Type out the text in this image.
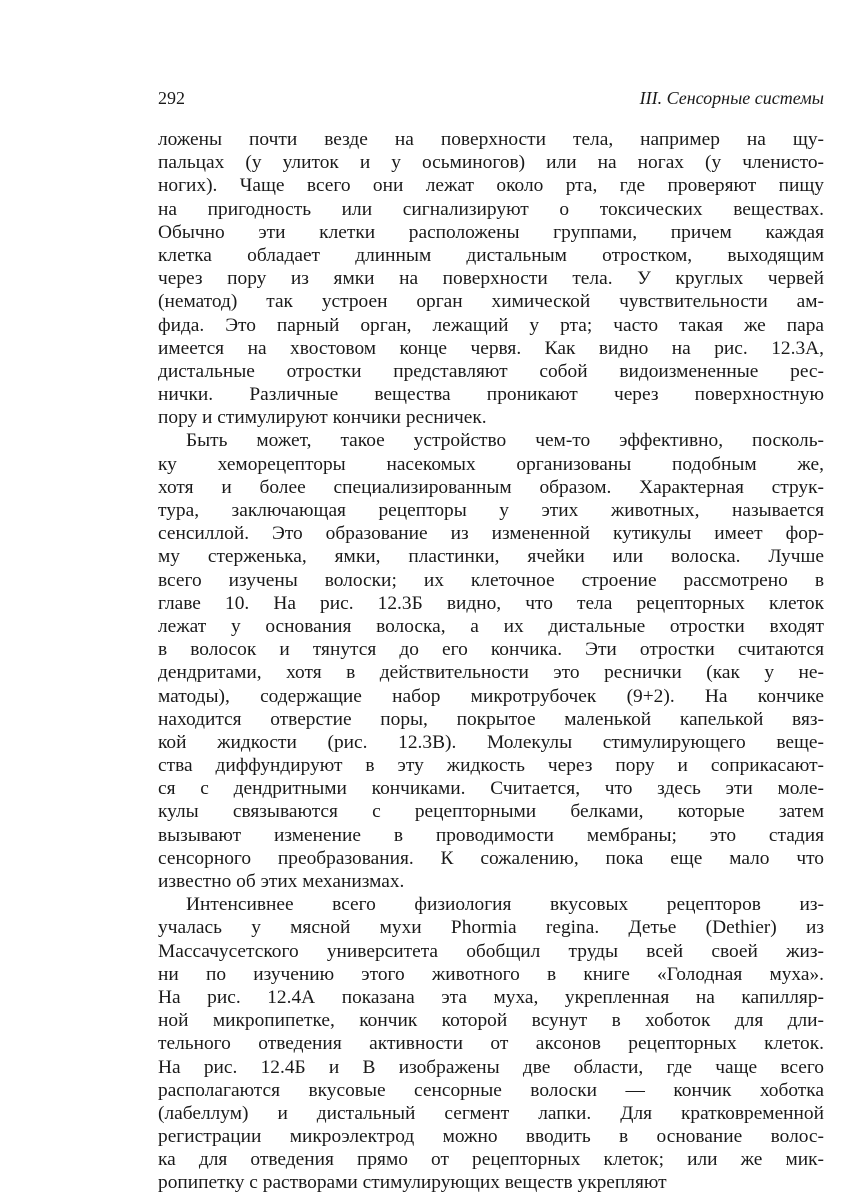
292	III. Сенсорные системы
ложены почти везде на поверхности тела, например на щу-
пальцах (у улиток и у осьминогов) или на ногах (у членисто-
ногих). Чаще всего они лежат около рта, где проверяют пищу
на пригодность или сигнализируют о токсических веществах.
Обычно эти клетки расположены группами, причем каждая
клетка обладает длинным дистальным отростком, выходящим
через пору из ямки на поверхности тела. У круглых червей
(нематод) так устроен орган химической чувствительности ам-
фида. Это парный орган, лежащий у рта; часто такая же пара
имеется на хвостовом конце червя. Как видно на рис. 12.3А,
дистальные отростки представляют собой видоизмененные рес-
нички. Различные вещества проникают через поверхностную
пору и стимулируют кончики ресничек.
Быть может, такое устройство чем-то эффективно, посколь-
ку хеморецепторы насекомых организованы подобным же,
хотя и более специализированным образом. Характерная струк-
тура, заключающая рецепторы у этих животных, называется
сенсиллой. Это образование из измененной кутикулы имеет фор-
му стерженька, ямки, пластинки, ячейки или волоска. Лучше
всего изучены волоски; их клеточное строение рассмотрено в
главе 10. На рис. 12.3Б видно, что тела рецепторных клеток
лежат у основания волоска, а их дистальные отростки входят
в волосок и тянутся до его кончика. Эти отростки считаются
дендритами, хотя в действительности это реснички (как у не-
матоды), содержащие набор микротрубочек (9+2). На кончике
находится отверстие поры, покрытое маленькой капелькой вяз-
кой жидкости (рис. 12.3В). Молекулы стимулирующего веще-
ства диффундируют в эту жидкость через пору и соприкасают-
ся с дендритными кончиками. Считается, что здесь эти моле-
кулы связываются с рецепторными белками, которые затем
вызывают изменение в проводимости мембраны; это стадия
сенсорного преобразования. К сожалению, пока еще мало что
известно об этих механизмах.
Интенсивнее всего физиология вкусовых рецепторов из-
учалась у мясной мухи Phormia regina. Детье (Dethier) из
Массачусетского университета обобщил труды всей своей жиз-
ни по изучению этого животного в книге «Голодная муха».
На рис. 12.4А показана эта муха, укрепленная на капилляр-
ной микропипетке, кончик которой всунут в хоботок для дли-
тельного отведения активности от аксонов рецепторных клеток.
На рис. 12.4Б и В изображены две области, где чаще всего
располагаются вкусовые сенсорные волоски — кончик хоботка
(лабеллум) и дистальный сегмент лапки. Для кратковременной
регистрации микроэлектрод можно вводить в основание волос-
ка для отведения прямо от рецепторных клеток; или же мик-
ропипетку с растворами стимулирующих веществ укрепляют
